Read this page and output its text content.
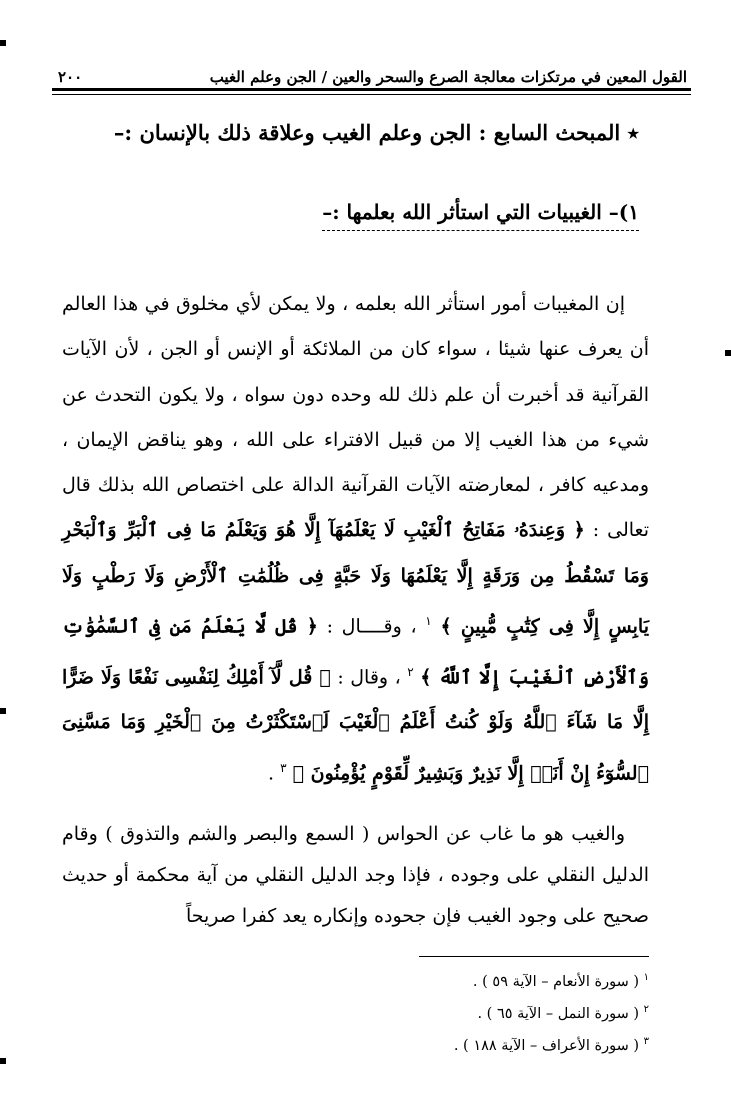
القول المعين في مرتكزات معالجة الصرع والسحر والعين / الجن وعلم الغيب
٢٠٠
٭ المبحث السابع : الجن وعلم الغيب وعلاقة ذلك بالإنسان :–
١)– الغيبيات التي استأثر الله بعلمها :–

إن المغيبات أمور استأثر الله بعلمه ، ولا يمكن لأي مخلوق في هذا العالم أن يعرف عنها شيئا ، سواء كان من الملائكة أو الإنس أو الجن ، لأن الآيات القرآنية قد أخبرت أن علم ذلك لله وحده دون سواه ، ولا يكون التحدث عن شيء من هذا الغيب إلا من قبيل الافتراء على الله ، وهو يناقض الإيمان ، ومدعيه كافر ، لمعارضته الآيات القرآنية الدالة على اختصاص الله بذلك قال تعالى : ﴿ وَعِندَهُۥ مَفَاتِحُ ٱلْغَيْبِ لَا يَعْلَمُهَآ إِلَّا هُوَ وَيَعْلَمُ مَا فِى ٱلْبَرِّ وَٱلْبَحْرِ وَمَا تَسْقُطُ مِن وَرَقَةٍ إِلَّا يَعْلَمُهَا وَلَا حَبَّةٍ فِى ظُلُمَٰتِ ٱلْأَرْضِ وَلَا رَطْبٍ وَلَا يَابِسٍ إِلَّا فِى كِتَٰبٍ مُّبِينٍ ﴾ $^١$ ، وقــــال : ﴿ قُل لَّا يَعْلَمُ مَن فِى ٱلسَّمَٰوَٰتِ وَٱلْأَرْضِ ٱلْغَيْبَ إِلَّا ٱللَّهُ ﴾ $^٢$ ، وقال : ﴿ قُل لَّآ أَمْلِكُ لِنَفْسِى نَفْعًا وَلَا ضَرًّا إِلَّا مَا شَآءَ ٱللَّهُ وَلَوْ كُنتُ أَعْلَمُ ٱلْغَيْبَ لَٱسْتَكْثَرْتُ مِنَ ٱلْخَيْرِ وَمَا مَسَّنِىَ ٱلسُّوٓءُ إِنْ أَنَا۠ إِلَّا نَذِيرٌ وَبَشِيرٌ لِّقَوْمٍ يُؤْمِنُونَ ﴾ $^٣$ .

والغيب هو ما غاب عن الحواس ( السمع والبصر والشم والتذوق ) وقام الدليل النقلي على وجوده ، فإذا وجد الدليل النقلي من آية محكمة أو حديث صحيح على وجود الغيب فإن جحوده وإنكاره يعد كفرا صريحاً

$^١$ ( سورة الأنعام – الآية ٥٩ ) .
$^٢$ ( سورة النمل – الآية ٦٥ ) .
$^٣$ ( سورة الأعراف – الآية ١٨٨ ) .
